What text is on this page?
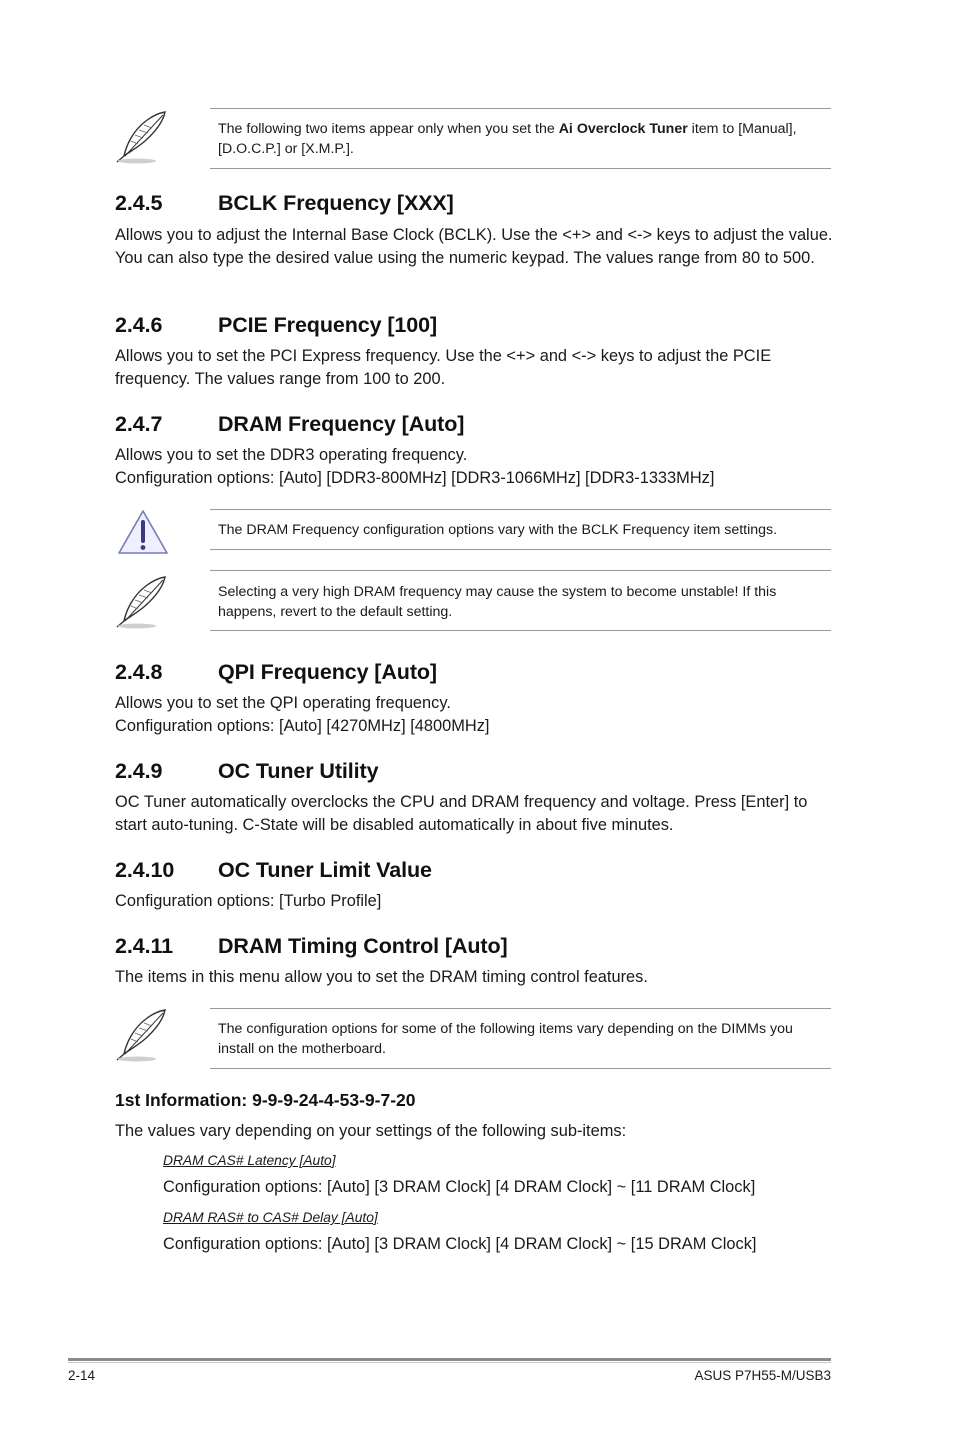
The following two items appear only when you set the Ai Overclock Tuner item to [Manual], [D.O.C.P.] or [X.M.P.].
2.4.5	BCLK Frequency [XXX]
Allows you to adjust the Internal Base Clock (BCLK). Use the <+> and <-> keys to adjust the value. You can also type the desired value using the numeric keypad. The values range from 80 to 500.
2.4.6	PCIE Frequency [100]
Allows you to set the PCI Express frequency. Use the <+> and <-> keys to adjust the PCIE frequency. The values range from 100 to 200.
2.4.7	DRAM Frequency [Auto]
Allows you to set the DDR3 operating frequency.
Configuration options: [Auto] [DDR3-800MHz] [DDR3-1066MHz] [DDR3-1333MHz]
The DRAM Frequency configuration options vary with the BCLK Frequency item settings.
Selecting a very high DRAM frequency may cause the system to become unstable! If this happens, revert to the default setting.
2.4.8	QPI Frequency [Auto]
Allows you to set the QPI operating frequency.
Configuration options: [Auto] [4270MHz] [4800MHz]
2.4.9	OC Tuner Utility
OC Tuner automatically overclocks the CPU and DRAM frequency and voltage. Press [Enter] to start auto-tuning. C-State will be disabled automatically in about five minutes.
2.4.10 OC Tuner Limit Value
Configuration options: [Turbo Profile]
2.4.11 DRAM Timing Control [Auto]
The items in this menu allow you to set the DRAM timing control features.
The configuration options for some of the following items vary depending on the DIMMs you install on the motherboard.
1st Information: 9-9-9-24-4-53-9-7-20
The values vary depending on your settings of the following sub-items:
DRAM CAS# Latency [Auto]
Configuration options: [Auto] [3 DRAM Clock] [4 DRAM Clock] ~ [11 DRAM Clock]
DRAM RAS# to CAS# Delay [Auto]
Configuration options: [Auto] [3 DRAM Clock] [4 DRAM Clock] ~ [15 DRAM Clock]
2-14	ASUS P7H55-M/USB3
